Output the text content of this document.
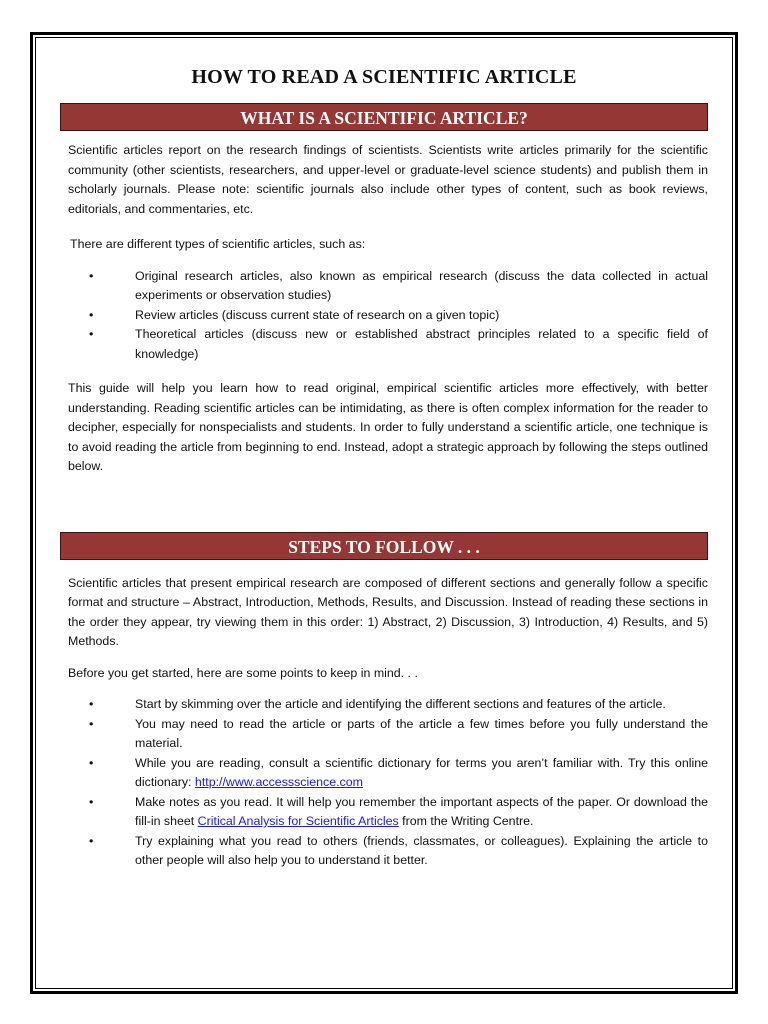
HOW TO READ A SCIENTIFIC ARTICLE
WHAT IS A SCIENTIFIC ARTICLE?

Scientific articles report on the research findings of scientists. Scientists write articles primarily for the scientific community (other scientists, researchers, and upper-level or graduate-level science students) and publish them in scholarly journals. Please note: scientific journals also include other types of content, such as book reviews, editorials, and commentaries, etc.

There are different types of scientific articles, such as:

•	Original research articles, also known as empirical research (discuss the data collected in actual experiments or observation studies)
•	Review articles (discuss current state of research on a given topic)
•	Theoretical articles (discuss new or established abstract principles related to a specific field of knowledge)

This guide will help you learn how to read original, empirical scientific articles more effectively, with better understanding. Reading scientific articles can be intimidating, as there is often complex information for the reader to decipher, especially for nonspecialists and students. In order to fully understand a scientific article, one technique is to avoid reading the article from beginning to end. Instead, adopt a strategic approach by following the steps outlined below.

STEPS TO FOLLOW . . .

Scientific articles that present empirical research are composed of different sections and generally follow a specific format and structure – Abstract, Introduction, Methods, Results, and Discussion. Instead of reading these sections in the order they appear, try viewing them in this order: 1) Abstract, 2) Discussion, 3) Introduction, 4) Results, and 5) Methods.

Before you get started, here are some points to keep in mind. . .

•	Start by skimming over the article and identifying the different sections and features of the article.
•	You may need to read the article or parts of the article a few times before you fully understand the material.
•	While you are reading, consult a scientific dictionary for terms you aren’t familiar with. Try this online dictionary: http://www.accessscience.com
•	Make notes as you read. It will help you remember the important aspects of the paper. Or download the fill-in sheet Critical Analysis for Scientific Articles from the Writing Centre.
•	Try explaining what you read to others (friends, classmates, or colleagues). Explaining the article to other people will also help you to understand it better.
